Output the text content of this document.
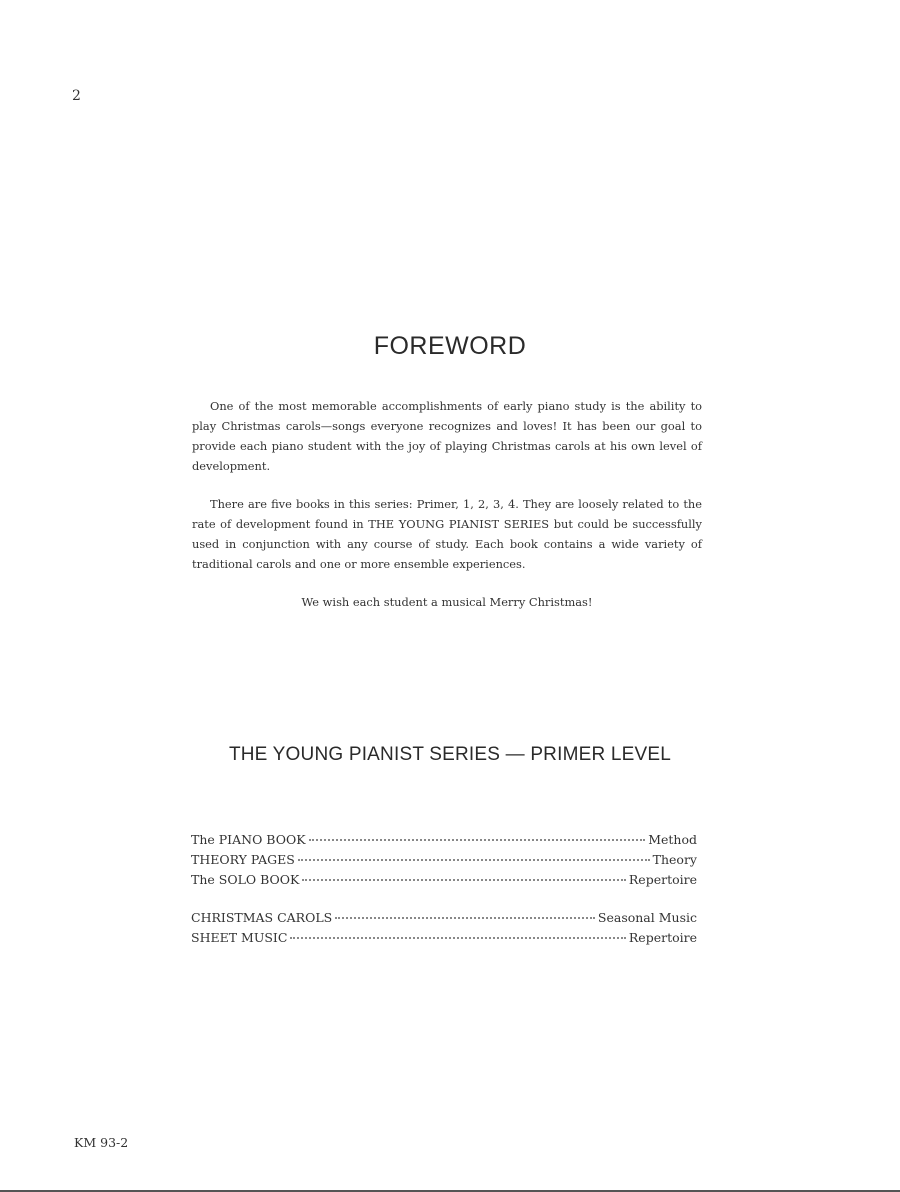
2
FOREWORD

One of the most memorable accomplishments of early piano study is the ability to play Christmas carols—songs everyone recognizes and loves! It has been our goal to provide each piano student with the joy of playing Christmas carols at his own level of development.

There are five books in this series: Primer, 1, 2, 3, 4. They are loosely related to the rate of development found in THE YOUNG PIANIST SERIES but could be successfully used in conjunction with any course of study. Each book contains a wide variety of traditional carols and one or more ensemble experiences.

We wish each student a musical Merry Christmas!

THE YOUNG PIANIST SERIES — PRIMER LEVEL
The PIANO BOOK	Method
THEORY PAGES	Theory
The SOLO BOOK	Repertoire
CHRISTMAS CAROLS	Seasonal Music
SHEET MUSIC	Repertoire
KM 93-2
